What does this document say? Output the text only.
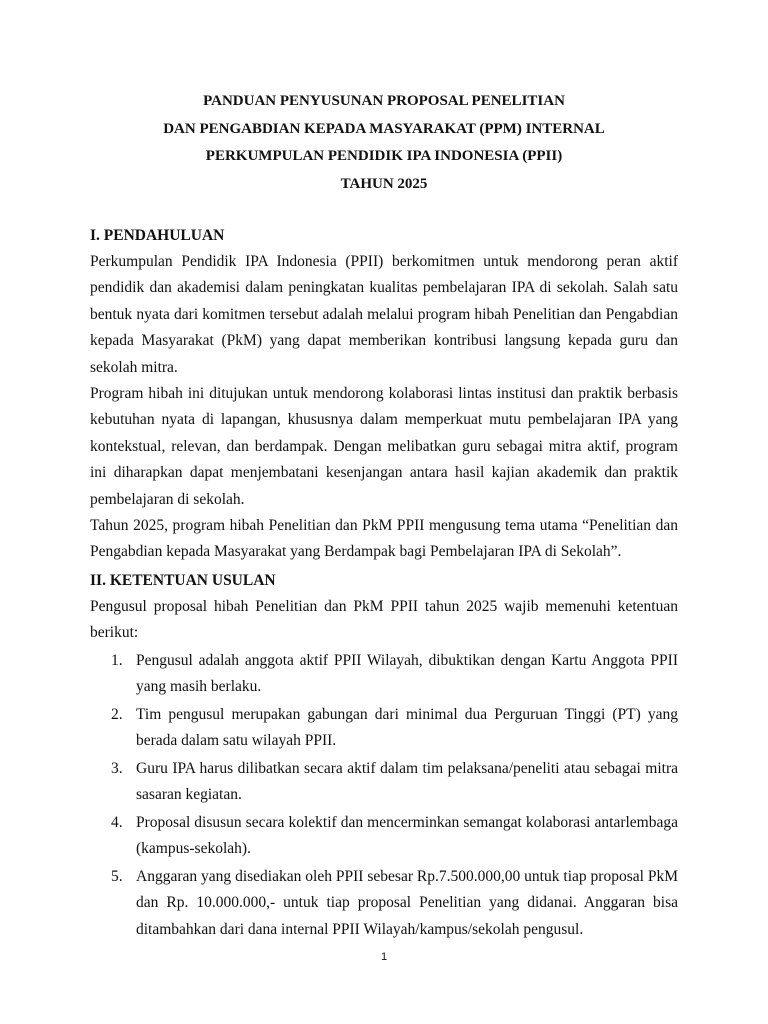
PANDUAN PENYUSUNAN PROPOSAL PENELITIAN
DAN PENGABDIAN KEPADA MASYARAKAT (PPM) INTERNAL
PERKUMPULAN PENDIDIK IPA INDONESIA (PPII)
TAHUN 2025

I. PENDAHULUAN

Perkumpulan Pendidik IPA Indonesia (PPII) berkomitmen untuk mendorong peran aktif pendidik dan akademisi dalam peningkatan kualitas pembelajaran IPA di sekolah. Salah satu bentuk nyata dari komitmen tersebut adalah melalui program hibah Penelitian dan Pengabdian kepada Masyarakat (PkM) yang dapat memberikan kontribusi langsung kepada guru dan sekolah mitra.

Program hibah ini ditujukan untuk mendorong kolaborasi lintas institusi dan praktik berbasis kebutuhan nyata di lapangan, khususnya dalam memperkuat mutu pembelajaran IPA yang kontekstual, relevan, dan berdampak. Dengan melibatkan guru sebagai mitra aktif, program ini diharapkan dapat menjembatani kesenjangan antara hasil kajian akademik dan praktik pembelajaran di sekolah.

Tahun 2025, program hibah Penelitian dan PkM PPII mengusung tema utama “Penelitian dan Pengabdian kepada Masyarakat yang Berdampak bagi Pembelajaran IPA di Sekolah”.

II. KETENTUAN USULAN

Pengusul proposal hibah Penelitian dan PkM PPII tahun 2025 wajib memenuhi ketentuan berikut:

1. Pengusul adalah anggota aktif PPII Wilayah, dibuktikan dengan Kartu Anggota PPII yang masih berlaku.
2. Tim pengusul merupakan gabungan dari minimal dua Perguruan Tinggi (PT) yang berada dalam satu wilayah PPII.
3. Guru IPA harus dilibatkan secara aktif dalam tim pelaksana/peneliti atau sebagai mitra sasaran kegiatan.
4. Proposal disusun secara kolektif dan mencerminkan semangat kolaborasi antarlembaga (kampus-sekolah).
5. Anggaran yang disediakan oleh PPII sebesar Rp.7.500.000,00 untuk tiap proposal PkM dan Rp. 10.000.000,- untuk tiap proposal Penelitian yang didanai. Anggaran bisa ditambahkan dari dana internal PPII Wilayah/kampus/sekolah pengusul.
1
